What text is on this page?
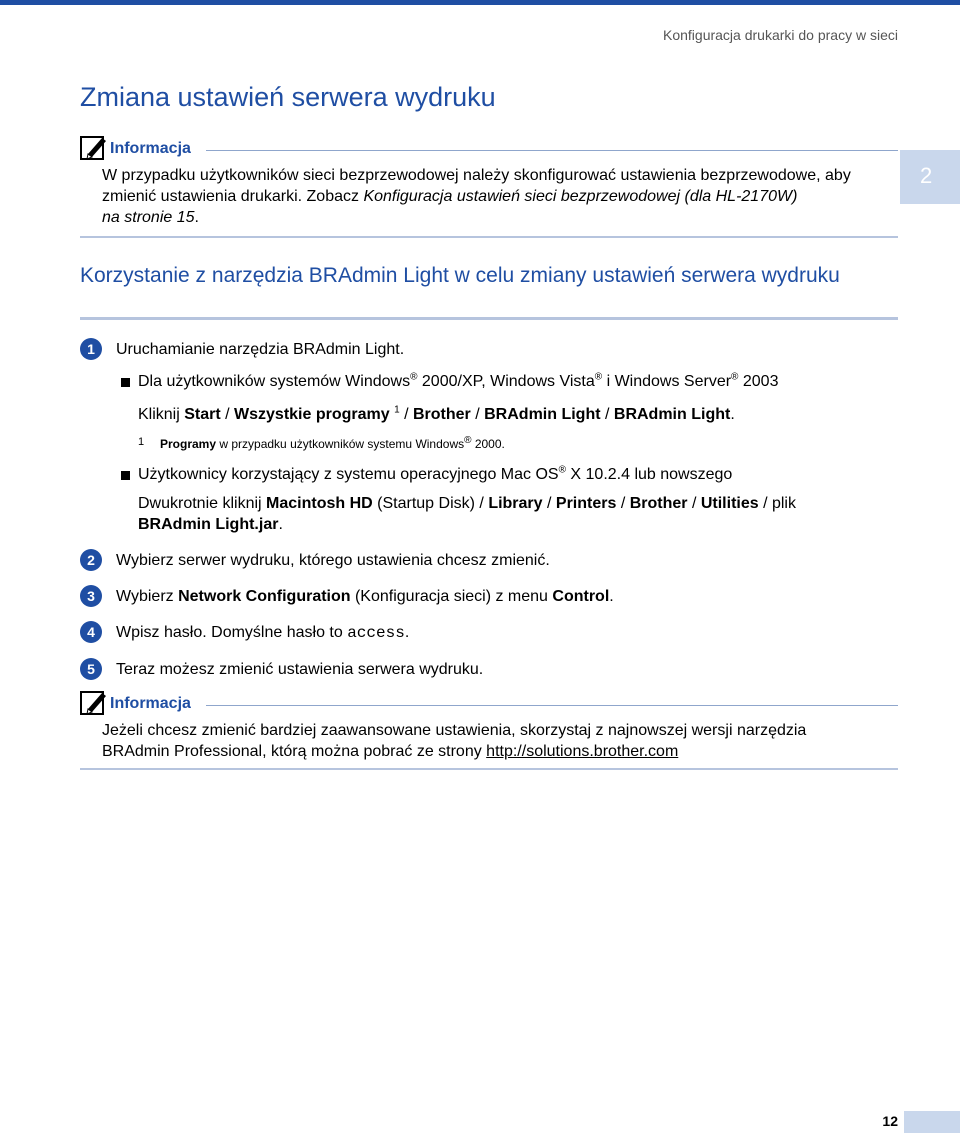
Konfiguracja drukarki do pracy w sieci
2
Zmiana ustawień serwera wydruku
Informacja
W przypadku użytkowników sieci bezprzewodowej należy skonfigurować ustawienia bezprzewodowe, aby
zmienić ustawienia drukarki. Zobacz Konfiguracja ustawień sieci bezprzewodowej (dla HL-2170W)
na stronie 15.
Korzystanie z narzędzia BRAdmin Light w celu zmiany ustawień serwera wydruku
1	Uruchamianie narzędzia BRAdmin Light.
Dla użytkowników systemów Windows® 2000/XP, Windows Vista® i Windows Server® 2003
Kliknij Start / Wszystkie programy $^1$ / Brother / BRAdmin Light / BRAdmin Light.
1 Programy w przypadku użytkowników systemu Windows® 2000.
Użytkownicy korzystający z systemu operacyjnego Mac OS® X 10.2.4 lub nowszego
Dwukrotnie kliknij Macintosh HD (Startup Disk) / Library / Printers / Brother / Utilities / plik
BRAdmin Light.jar.
2	Wybierz serwer wydruku, którego ustawienia chcesz zmienić.
3	Wybierz Network Configuration (Konfiguracja sieci) z menu Control.
4	Wpisz hasło. Domyślne hasło to access.
5	Teraz możesz zmienić ustawienia serwera wydruku.
Informacja
Jeżeli chcesz zmienić bardziej zaawansowane ustawienia, skorzystaj z najnowszej wersji narzędzia
BRAdmin Professional, którą można pobrać ze strony http://solutions.brother.com
12
